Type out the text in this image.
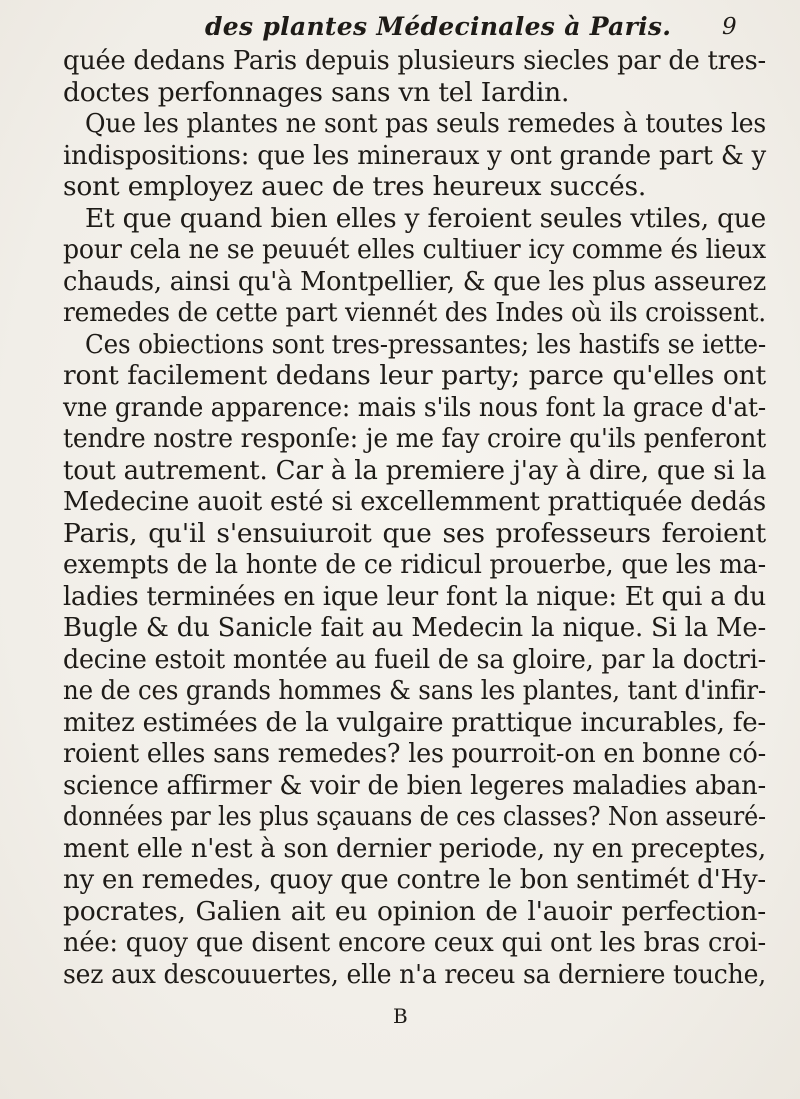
des plantes Médecinales à Paris. 9
quée dedans Paris depuis plusieurs siecles par de tres-
doctes perfonnages sans vn tel Iardin.
Que les plantes ne sont pas seuls remedes à toutes les
indispositions: que les mineraux y ont grande part & y
sont employez auec de tres heureux succés.
Et que quand bien elles y feroient seules vtiles, que
pour cela ne se peuuét elles cultiuer icy comme és lieux
chauds, ainsi qu'à Montpellier, & que les plus asseurez
remedes de cette part viennét des Indes où ils croissent.
Ces obiections sont tres-pressantes; les hastifs se iette-
ront facilement dedans leur party; parce qu'elles ont
vne grande apparence: mais s'ils nous font la grace d'at-
tendre nostre responſe: je me fay croire qu'ils penferont
tout autrement. Car à la premiere j'ay à dire, que si la
Medecine auoit esté si excellemment prattiquée dedás
Paris, qu'il s'ensuiuroit que ses professeurs feroient
exempts de la honte de ce ridicul prouerbe, que les ma-
ladies terminées en ique leur font la nique: Et qui a du
Bugle & du Sanicle fait au Medecin la nique. Si la Me-
decine estoit montée au fueil de sa gloire, par la doctri-
ne de ces grands hommes & sans les plantes, tant d'infir-
mitez estimées de la vulgaire prattique incurables, fe-
roient elles sans remedes? les pourroit-on en bonne có-
science affirmer & voir de bien legeres maladies aban-
données par les plus sçauans de ces classes? Non asseuré-
ment elle n'est à son dernier periode, ny en preceptes,
ny en remedes, quoy que contre le bon sentimét d'Hy-
pocrates, Galien ait eu opinion de l'auoir perfection-
née: quoy que disent encore ceux qui ont les bras croi-
sez aux descouuertes, elle n'a receu sa derniere touche,
B
